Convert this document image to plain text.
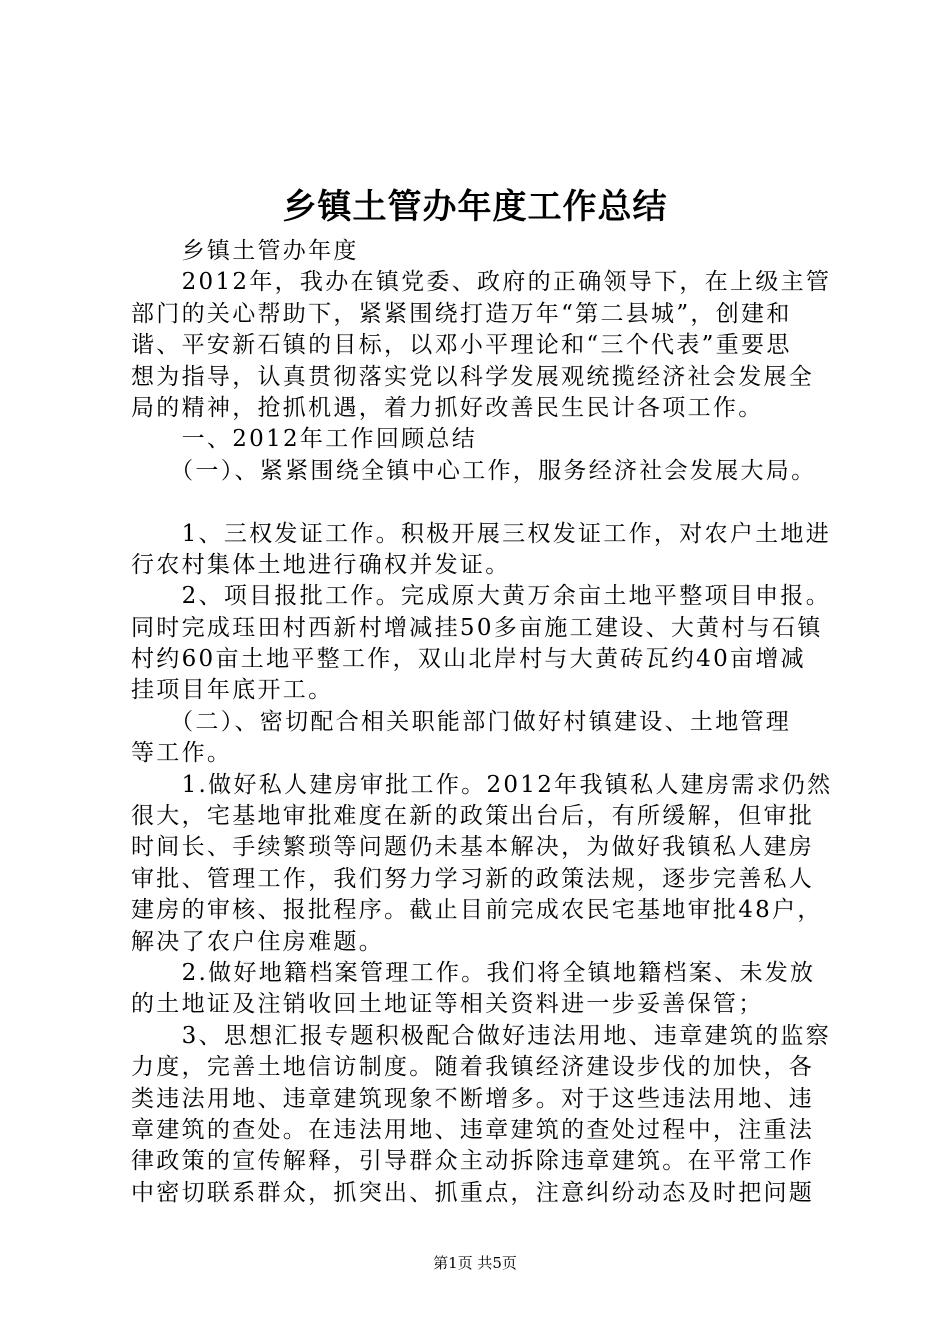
乡镇土管办年度工作总结
　　乡镇土管办年度
　　2012年，我办在镇党委、政府的正确领导下，在上级主管
部门的关心帮助下，紧紧围绕打造万年“第二县城”，创建和
谐、平安新石镇的目标，以邓小平理论和“三个代表”重要思
想为指导，认真贯彻落实党以科学发展观统揽经济社会发展全
局的精神，抢抓机遇，着力抓好改善民生民计各项工作。
　　一、2012年工作回顾总结
　　（一）、紧紧围绕全镇中心工作，服务经济社会发展大局。
　　1、三权发证工作。积极开展三权发证工作，对农户土地进
行农村集体土地进行确权并发证。
　　2、项目报批工作。完成原大黄万余亩土地平整项目申报。
同时完成珏田村西新村增减挂50多亩施工建设、大黄村与石镇
村约60亩土地平整工作，双山北岸村与大黄砖瓦约40亩增减
挂项目年底开工。
　　（二）、密切配合相关职能部门做好村镇建设、土地管理
等工作。
　　1.做好私人建房审批工作。2012年我镇私人建房需求仍然
很大，宅基地审批难度在新的政策出台后，有所缓解，但审批
时间长、手续繁琐等问题仍未基本解决，为做好我镇私人建房
审批、管理工作，我们努力学习新的政策法规，逐步完善私人
建房的审核、报批程序。截止目前完成农民宅基地审批48户，
解决了农户住房难题。
　　2.做好地籍档案管理工作。我们将全镇地籍档案、未发放
的土地证及注销收回土地证等相关资料进一步妥善保管；
　　3、思想汇报专题积极配合做好违法用地、违章建筑的监察
力度，完善土地信访制度。随着我镇经济建设步伐的加快，各
类违法用地、违章建筑现象不断增多。对于这些违法用地、违
章建筑的查处。在违法用地、违章建筑的查处过程中，注重法
律政策的宣传解释，引导群众主动拆除违章建筑。在平常工作
中密切联系群众，抓突出、抓重点，注意纠纷动态及时把问题
第1页 共5页
